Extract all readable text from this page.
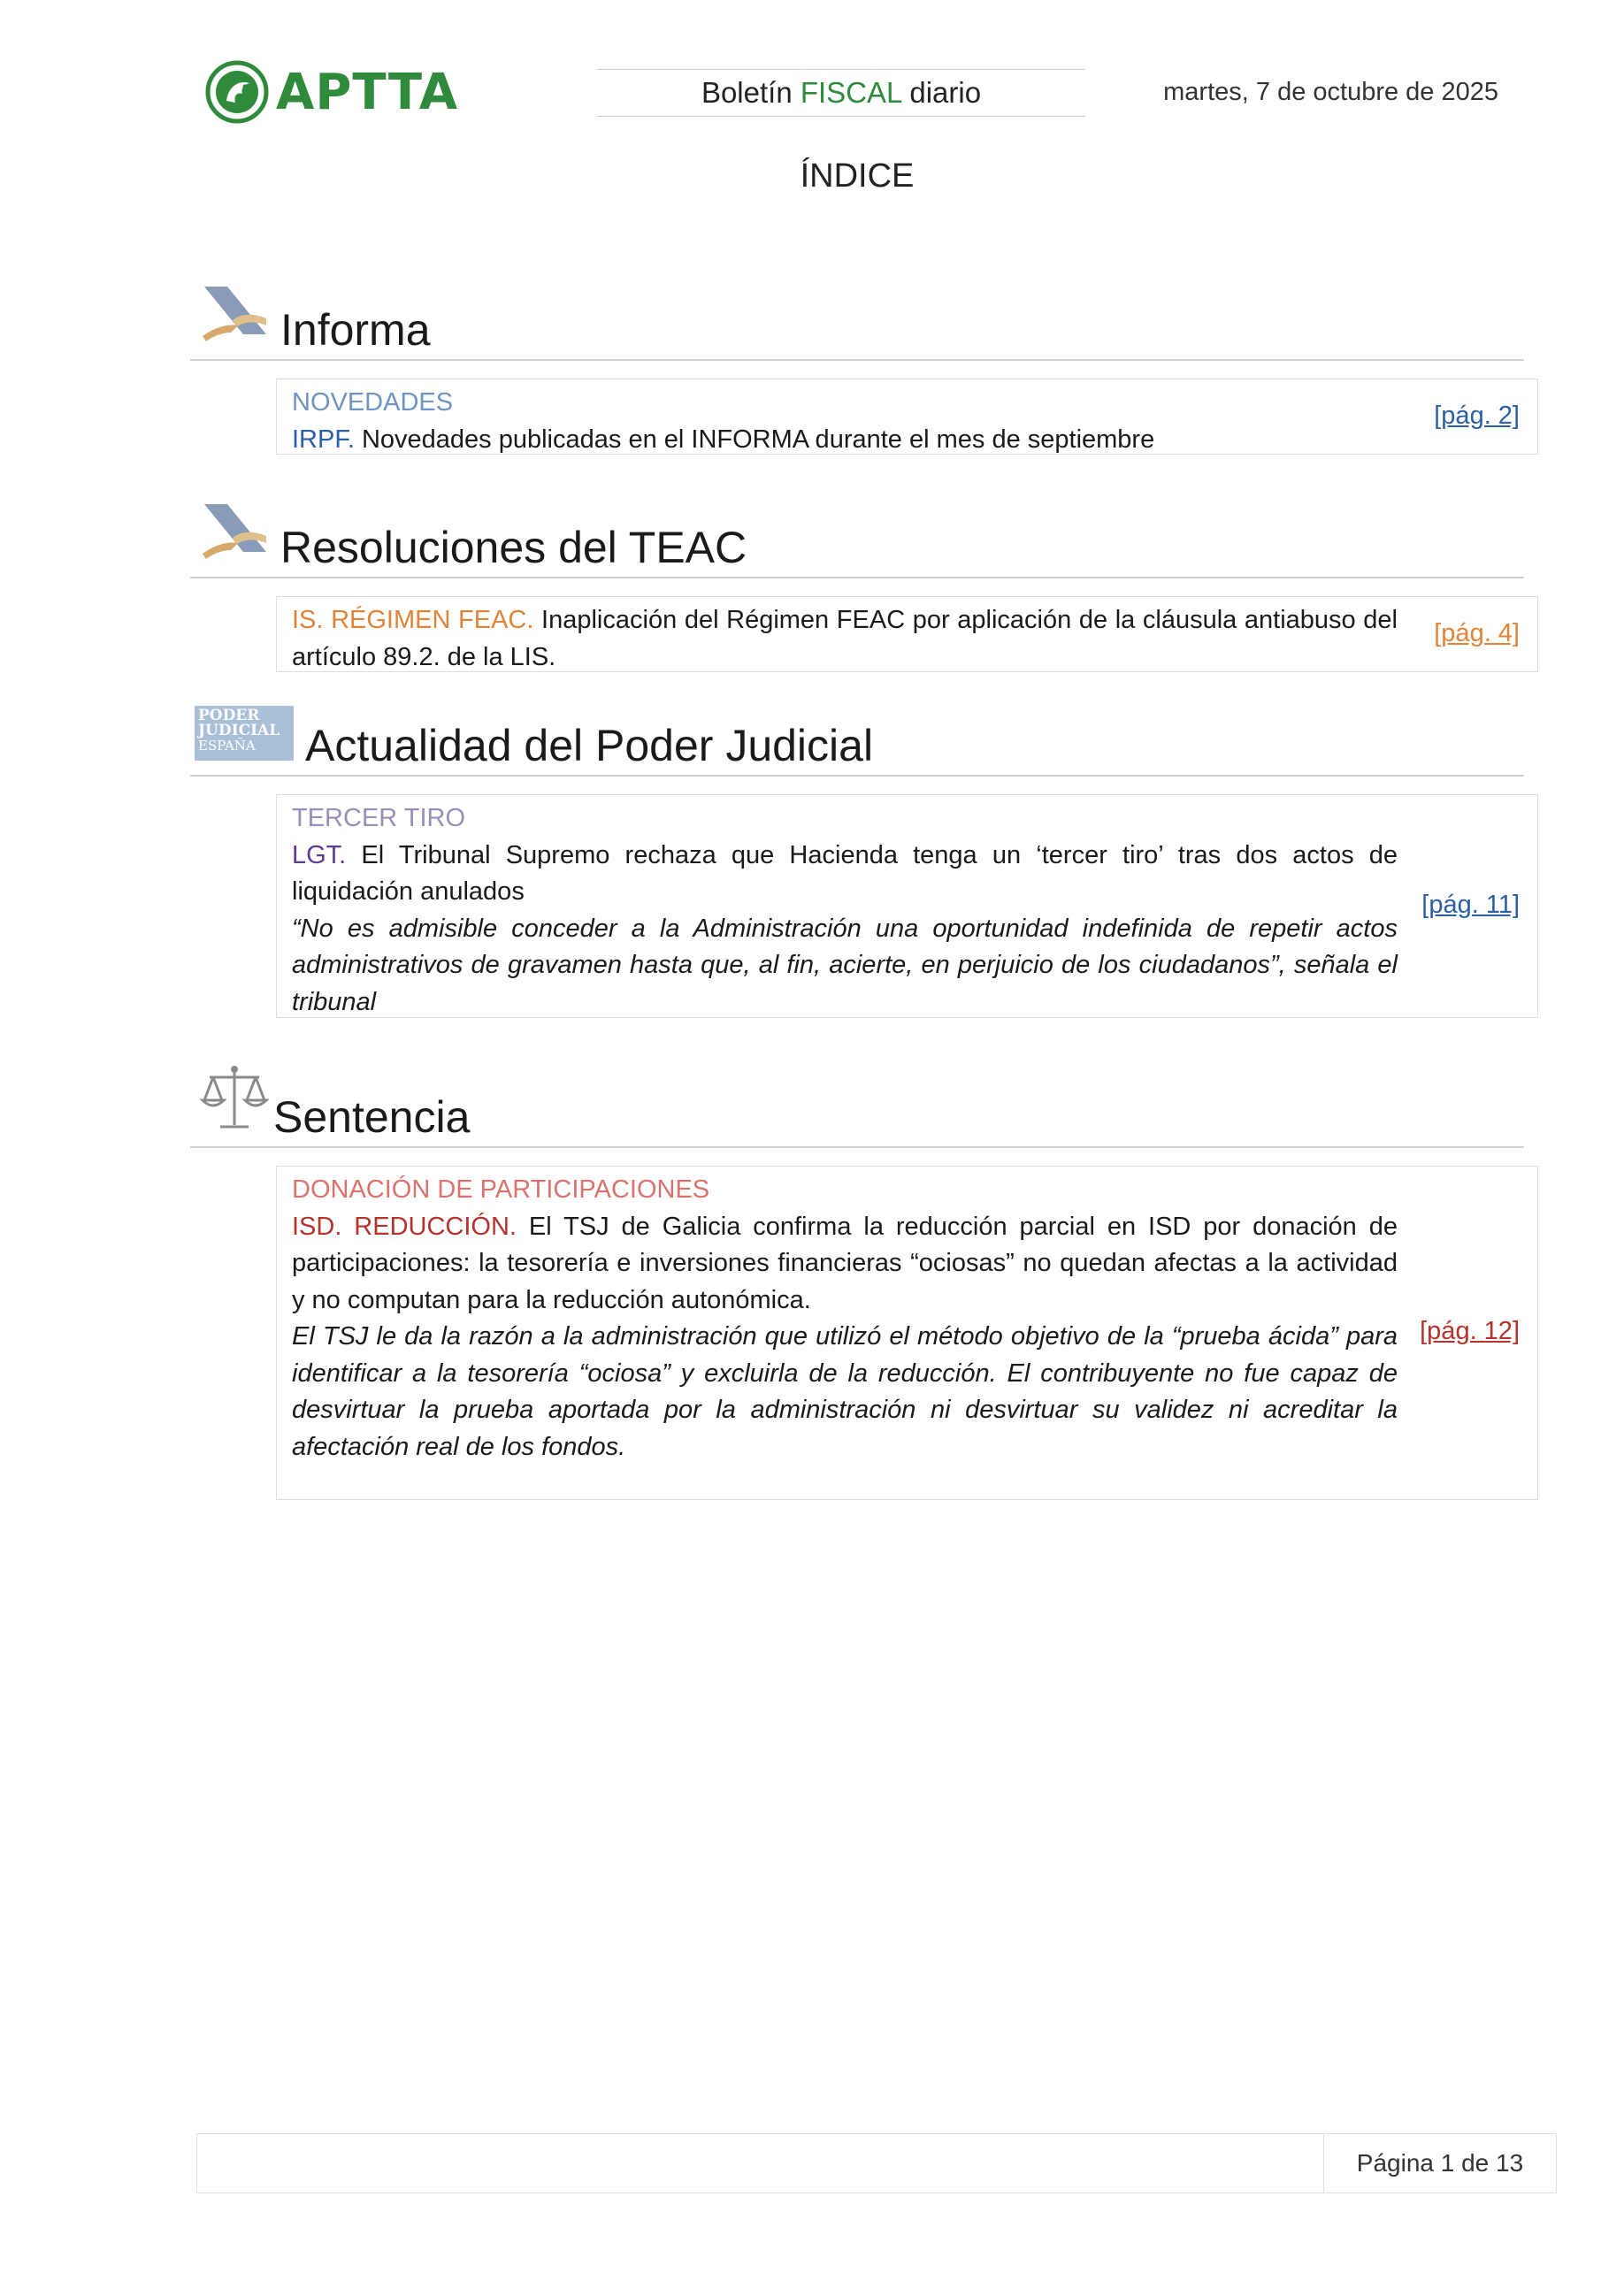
APTTA	Boletín FISCAL diario	martes, 7 de octubre de 2025
ÍNDICE
Informa
NOVEDADES
IRPF. Novedades publicadas en el INFORMA durante el mes de septiembre
[pág. 2]
Resoluciones del TEAC
IS. RÉGIMEN FEAC. Inaplicación del Régimen FEAC por aplicación de la cláusula antiabuso del artículo 89.2. de la LIS.
[pág. 4]
PODER
JUDICIAL
ESPAÑA	Actualidad del Poder Judicial
TERCER TIRO
LGT. El Tribunal Supremo rechaza que Hacienda tenga un ‘tercer tiro’ tras dos actos de liquidación anulados
“No es admisible conceder a la Administración una oportunidad indefinida de repetir actos administrativos de gravamen hasta que, al fin, acierte, en perjuicio de los ciudadanos”, señala el tribunal
[pág. 11]
Sentencia
DONACIÓN DE PARTICIPACIONES
ISD. REDUCCIÓN. El TSJ de Galicia confirma la reducción parcial en ISD por donación de participaciones: la tesorería e inversiones financieras “ociosas” no quedan afectas a la actividad y no computan para la reducción autonómica.
El TSJ le da la razón a la administración que utilizó el método objetivo de la “prueba ácida” para identificar a la tesorería “ociosa” y excluirla de la reducción. El contribuyente no fue capaz de desvirtuar la prueba aportada por la administración ni desvirtuar su validez ni acreditar la afectación real de los fondos.
[pág. 12]
Página 1 de 13
